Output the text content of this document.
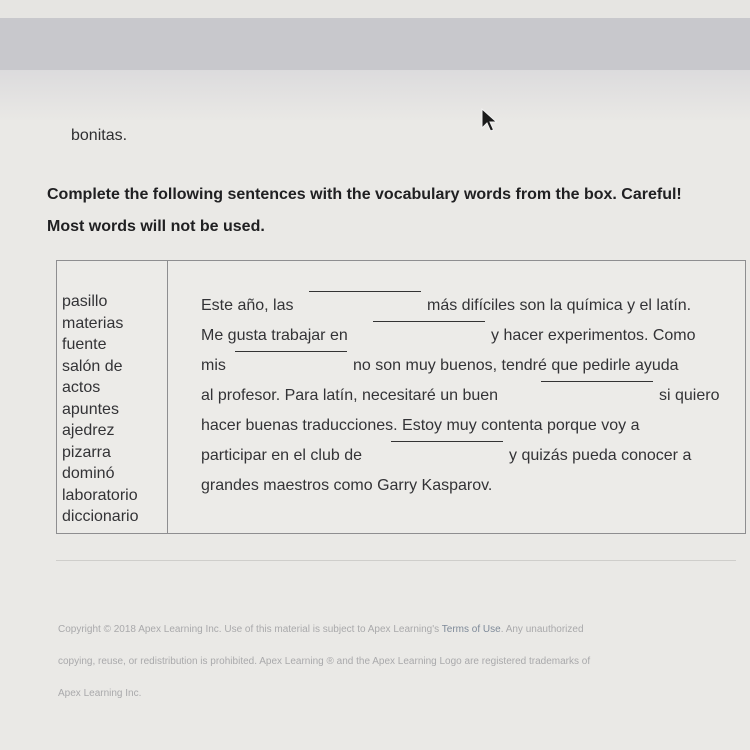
bonitas.
Complete the following sentences with the vocabulary words from the box. Careful!
Most words will not be used.
pasillo
materias
fuente
salón de
actos
apuntes
ajedrez
pizarra
dominó
laboratorio
diccionario
Este año, las	más difíciles son la química y el latín.
Me gusta trabajar en	y hacer experimentos. Como
mis	no son muy buenos, tendré que pedirle ayuda
al profesor. Para latín, necesitaré un buen	si quiero
hacer buenas traducciones. Estoy muy contenta porque voy a
participar en el club de	y quizás pueda conocer a
grandes maestros como Garry Kasparov.
Copyright © 2018 Apex Learning Inc. Use of this material is subject to Apex Learning's Terms of Use. Any unauthorized
copying, reuse, or redistribution is prohibited. Apex Learning ® and the Apex Learning Logo are registered trademarks of
Apex Learning Inc.
